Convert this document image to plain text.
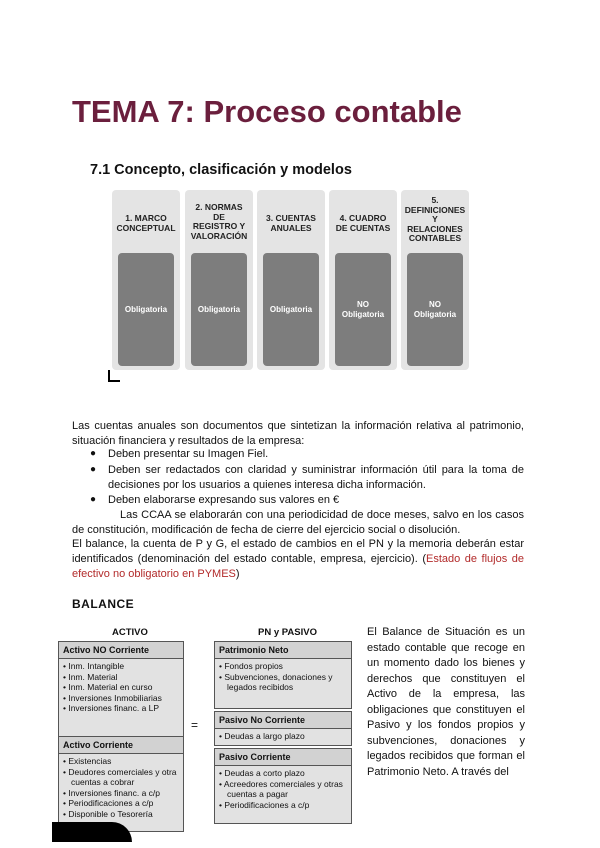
TEMA 7: Proceso contable
7.1 Concepto, clasificación y modelos
1. MARCO
CONCEPTUAL
Obligatoria
2. NORMAS
DE
REGISTRO Y
VALORACIÓN
Obligatoria
3. CUENTAS
ANUALES
Obligatoria
4. CUADRO
DE CUENTAS
NO
Obligatoria
5.
DEFINICIONES
Y
RELACIONES
CONTABLES
NO
Obligatoria
Las cuentas anuales son documentos que sintetizan la información relativa al patrimonio, situación financiera y resultados de la empresa:
● Deben presentar su Imagen Fiel.
● Deben ser redactados con claridad y suministrar información útil para la toma de decisiones por los usuarios a quienes interesa dicha información.
● Deben elaborarse expresando sus valores en €
Las CCAA se elaborarán con una periodicidad de doce meses, salvo en los casos de constitución, modificación de fecha de cierre del ejercicio social o disolución.
El balance, la cuenta de P y G, el estado de cambios en el PN y la memoria deberán estar identificados (denominación del estado contable, empresa, ejercicio). (Estado de flujos de efectivo no obligatorio en PYMES)
BALANCE
ACTIVO
Activo NO Corriente
• Inm. Intangible
• Inm. Material
• Inm. Material en curso
• Inversiones Inmobiliarias
• Inversiones financ. a LP
Activo Corriente
• Existencias
• Deudores comerciales y otra cuentas a cobrar
• Inversiones financ. a c/p
• Periodificaciones a c/p
• Disponible o Tesorería
=
PN y PASIVO
Patrimonio Neto
• Fondos propios
• Subvenciones, donaciones y legados recibidos
Pasivo No Corriente
• Deudas a largo plazo
Pasivo Corriente
• Deudas a corto plazo
• Acreedores comerciales y otras cuentas a pagar
• Periodificaciones a c/p
El Balance de Situación es un estado contable que recoge en un momento dado los bienes y derechos que constituyen el Activo de la empresa, las obligaciones que constituyen el Pasivo y los fondos propios y subvenciones, donaciones y legados recibidos que forman el Patrimonio Neto. A través del
